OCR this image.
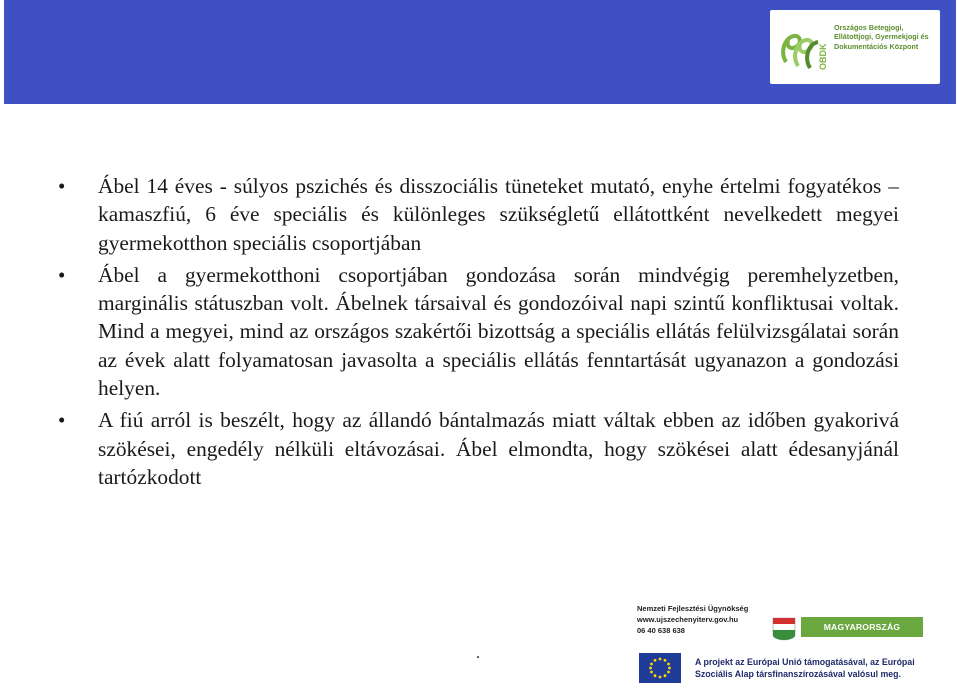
OBDK
Országos Betegjogi,
Ellátottjogi, Gyermekjogi és
Dokumentációs Központ
• Ábel 14 éves - súlyos pszichés és disszociális tüneteket mutató, enyhe értelmi fogyatékos – kamaszfiú, 6 éve speciális és különleges szükségletű ellátottként nevelkedett megyei gyermekotthon speciális csoportjában
• Ábel a gyermekotthoni csoportjában gondozása során mindvégig peremhelyzetben, marginális státuszban volt. Ábelnek társaival és gondozóival napi szintű konfliktusai voltak. Mind a megyei, mind az országos szakértői bizottság a speciális ellátás felülvizsgálatai során az évek alatt folyamatosan javasolta a speciális ellátás fenntartását ugyanazon a gondozási helyen.
• A fiú arról is beszélt, hogy az állandó bántalmazás miatt váltak ebben az időben gyakorivá szökései, engedély nélküli eltávozásai. Ábel elmondta, hogy szökései alatt édesanyjánál tartózkodott
.
Nemzeti Fejlesztési Ügynökség
www.ujszechenyiterv.gov.hu
06 40 638 638	MAGYARORSZÁG MEGÚJUL
A projekt az Európai Unió támogatásával, az Európai
Szociális Alap társfinanszírozásával valósul meg.
